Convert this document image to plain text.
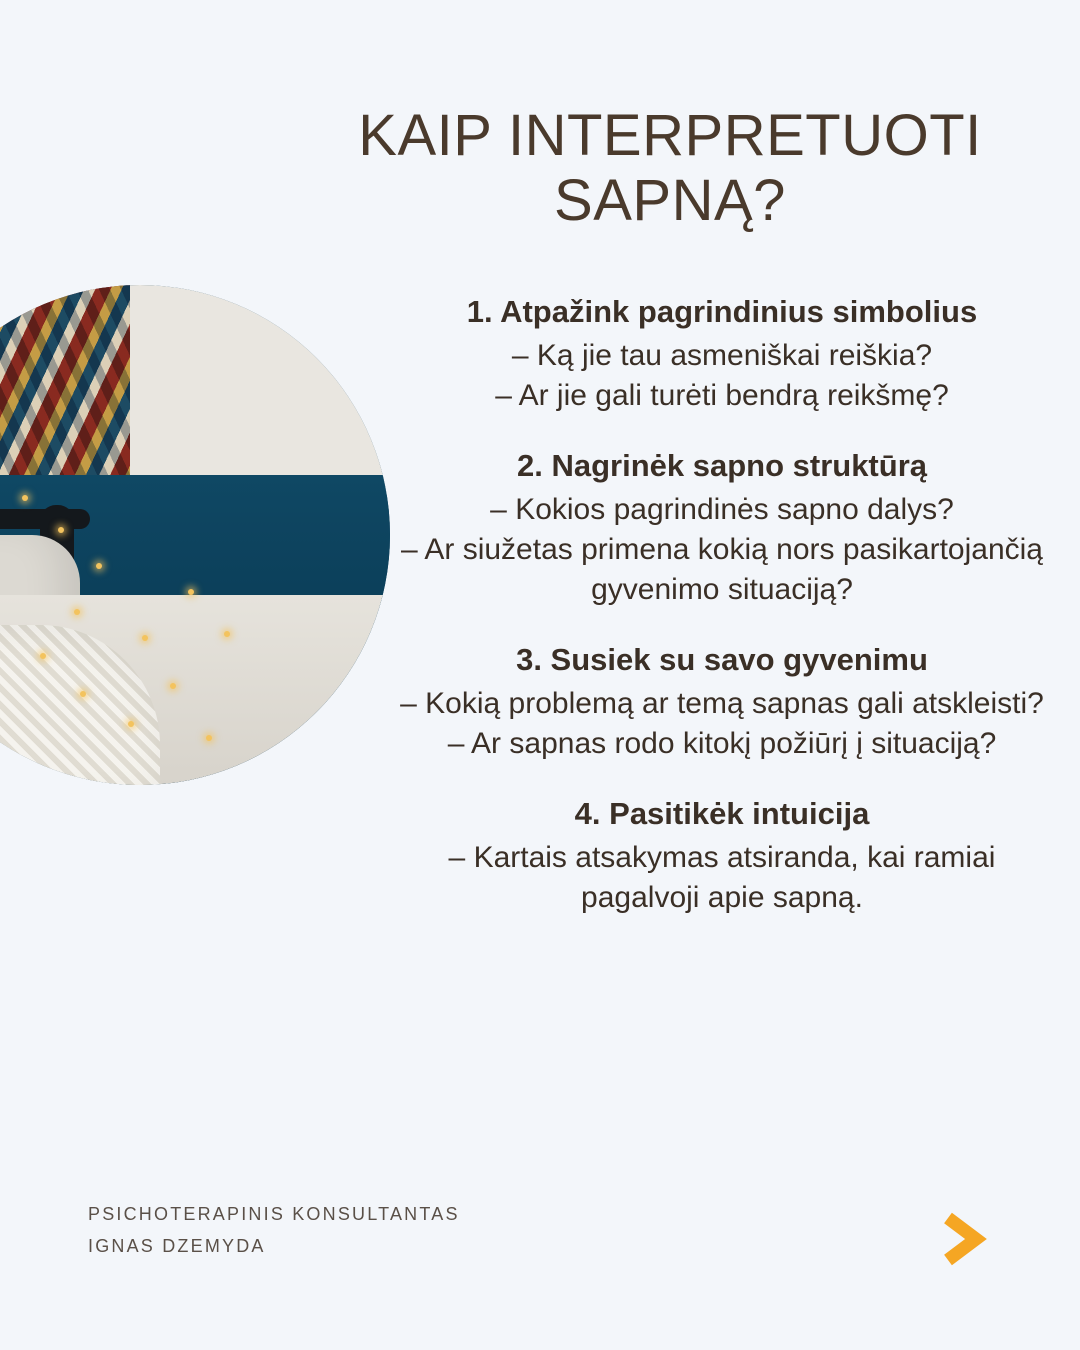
KAIP INTERPRETUOTI SAPNĄ?
1. Atpažink pagrindinius simbolius
– Ką jie tau asmeniškai reiškia?
– Ar jie gali turėti bendrą reikšmę?
2. Nagrinėk sapno struktūrą
– Kokios pagrindinės sapno dalys?
– Ar siužetas primena kokią nors pasikartojančią gyvenimo situaciją?
3. Susiek su savo gyvenimu
– Kokią problemą ar temą sapnas gali atskleisti?
– Ar sapnas rodo kitokį požiūrį į situaciją?
4. Pasitikėk intuicija
– Kartais atsakymas atsiranda, kai ramiai pagalvoji apie sapną.
PSICHOTERAPINIS KONSULTANTAS
IGNAS DZEMYDA
